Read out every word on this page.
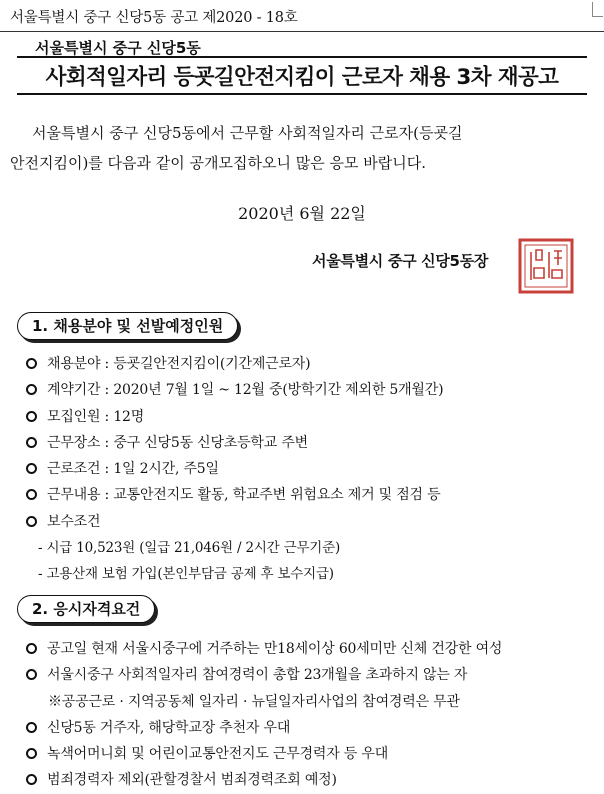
서울특별시 중구 신당5동 공고 제2020 - 18호
서울특별시 중구 신당5동
사회적일자리 등굣길안전지킴이 근로자 채용 3차 재공고

서울특별시 중구 신당5동에서 근무할 사회적일자리 근로자(등굣길

안전지킴이)를 다음과 같이 공개모집하오니 많은 응모 바랍니다.

2020년 6월 22일
서울특별시 중구 신당5동장
1. 채용분야 및 선발예정인원
채용분야 : 등굣길안전지킴이(기간제근로자)
계약기간 : 2020년 7월 1일 ~ 12월 중(방학기간 제외한 5개월간)
모집인원 : 12명
근무장소 : 중구 신당5동 신당초등학교 주변
근로조건 : 1일 2시간, 주5일
근무내용 : 교통안전지도 활동, 학교주변 위험요소 제거 및 점검 등
보수조건
- 시급 10,523원 (일급 21,046원 / 2시간 근무기준)
- 고용산재 보험 가입(본인부담금 공제 후 보수지급)
2. 응시자격요건
공고일 현재 서울시중구에 거주하는 만18세이상 60세미만 신체 건강한 여성
서울시중구 사회적일자리 참여경력이 총합 23개월을 초과하지 않는 자
※공공근로 · 지역공동체 일자리 · 뉴딜일자리사업의 참여경력은 무관
신당5동 거주자, 해당학교장 추천자 우대
녹색어머니회 및 어린이교통안전지도 근무경력자 등 우대
범죄경력자 제외(관할경찰서 범죄경력조회 예정)
